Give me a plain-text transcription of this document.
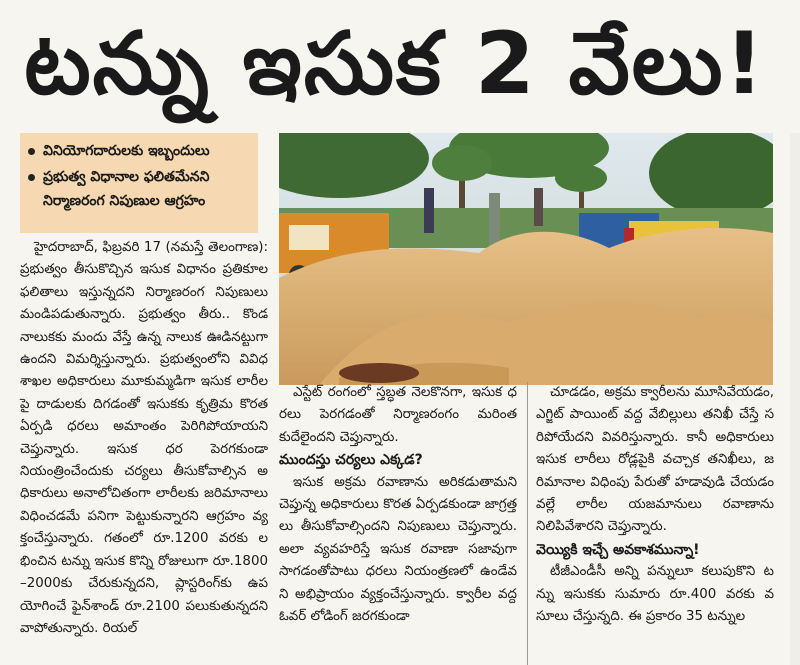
టన్ను ఇసుక 2 వేలు!
వినియోగదారులకు ఇబ్బందులు
ప్రభుత్వ విధానాల ఫలితమేనని
నిర్మాణరంగ నిపుణుల ఆగ్రహం

హైదరాబాద్, ఫిబ్రవరి 17 (నమస్తే తెలంగాణ): ప్రభుత్వం తీసుకొచ్చిన ఇసుక విధానం ప్రతికూల ఫలితాలు ఇస్తున్నదని నిర్మాణరంగ నిపుణులు మండిపడుతున్నారు. ప్రభుత్వం తీరు.. కొండ నాలుకకు మందు వేస్తే ఉన్న నాలుక ఊడినట్టుగా ఉందని విమర్శిస్తున్నారు. ప్రభుత్వంలోని వివిధ శాఖల అధికారులు మూకుమ్మడిగా ఇసుక లారీలపై దాడులకు దిగడంతో ఇసుకకు కృత్రిమ కొరత ఏర్పడి ధరలు అమాంతం పెరిగిపోయాయని చెప్తున్నారు. ఇసుక ధర పెరగకుండా నియంత్రించేందుకు చర్యలు తీసుకోవాల్సిన అధికారులు అనాలోచితంగా లారీలకు జరిమానాలు విధించడమే పనిగా పెట్టుకున్నారని ఆగ్రహం వ్యక్తంచేస్తున్నారు. గతంలో రూ.1200 వరకు లభించిన టన్ను ఇసుక కొన్ని రోజులుగా రూ.1800–2000కు చేరుకున్నదని, ప్లాస్టరింగ్‌కు ఉపయోగించే ఫైన్‌శాండ్ రూ.2100 పలుకుతున్నదని వాపోతున్నారు. రియల్

ఎస్టేట్ రంగంలో స్తబ్ధత నెలకొనగా, ఇసుక ధరలు పెరగడంతో నిర్మాణరంగం మరింత కుదేలైందని చెప్తున్నారు.

ముందస్తు చర్యలు ఎక్కడ?

ఇసుక అక్రమ రవాణాను అరికడుతామని చెప్తున్న అధికారులు కొరత ఏర్పడకుండా జాగ్రత్తలు తీసుకోవాల్సిందని నిపుణులు చెప్తున్నారు. అలా వ్యవహరిస్తే ఇసుక రవాణా సజావుగా సాగడంతోపాటు ధరలు నియంత్రణలో ఉండేవని అభిప్రాయం వ్యక్తంచేస్తున్నారు. క్వారీల వద్ద ఓవర్ లోడింగ్ జరగకుండా

చూడడం, అక్రమ క్వారీలను మూసివేయడం, ఎగ్జిట్ పాయింట్ వద్ద వేబిల్లులు తనిఖీ చేస్తే సరిపోయేదని వివరిస్తున్నారు. కానీ అధికారులు ఇసుక లారీలు రోడ్లపైకి వచ్చాక తనిఖీలు, జరిమానాల విధింపు పేరుతో హడావుడి చేయడం వల్లే లారీల యజమానులు రవాణాను నిలిపివేశారని చెప్తున్నారు.

వెయ్యికి ఇచ్చే అవకాశమున్నా!

టీజీఎండీసీ అన్ని పన్నులూ కలుపుకొని టన్ను ఇసుకకు సుమారు రూ.400 వరకు వసూలు చేస్తున్నది. ఈ ప్రకారం 35 టన్నుల
